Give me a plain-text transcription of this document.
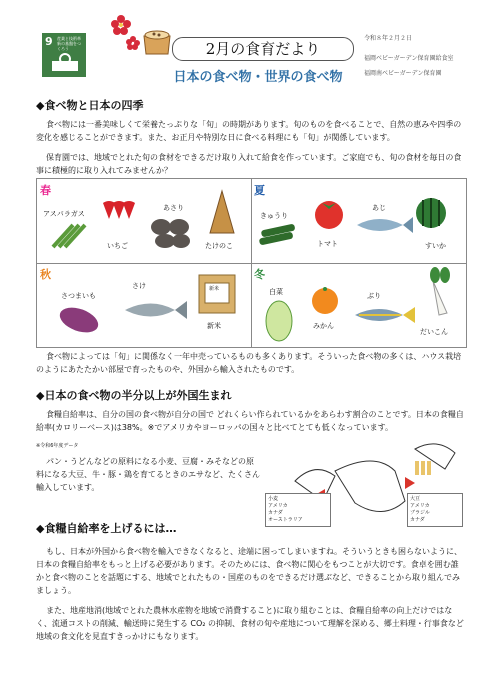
9 産業と技術革新の基盤をつくろう	2月の食育だより
日本の食べ物・世界の食べ物
令和８年２月２日
福岡ベビーガーデン保育園給食室
福岡南ベビーガーデン保育園
◆食べ物と日本の四季
食べ物には一番美味しくて栄養たっぷりな「旬」の時期があります。旬のものを食べることで、自然の恵みや四季の変化を感じることができます。また、お正月や特別な日に食べる料理にも「旬」が関係しています。
保育園では、地域でとれた旬の食材をできるだけ取り入れて給食を作っています。ご家庭でも、旬の食材を毎日の食事に積極的に取り入れてみませんか？
春
アスパラガス
いちご
あさり
たけのこ
夏
きゅうり
トマト
あじ
すいか
秋
さつまいも
さけ	新米
新米
冬
白菜
みかん
ぶり
だいこん
食べ物によっては「旬」に関係なく一年中売っているものも多くあります。そういった食べ物の多くは、ハウス栽培のようにあたたかい部屋で育ったものや、外国から輸入されたものです。
◆日本の食べ物の半分以上が外国生まれ
食糧自給率は、自分の国の食べ物が自分の国で どれくらい作られているかをあらわす割合のことです。日本の食糧自給率(カロリーベース)は38%。※でアメリカやヨーロッパの国々と比べてとても低くなっています。
※令和6年度データ
パン・うどんなどの原料になる小麦、豆腐・みそなどの原料になる大豆、牛・豚・鶏を育てるときのエサなど、たくさん輸入しています。
小麦
アメリカ
カナダ
オーストラリア
大豆
アメリカ
ブラジル
カナダ
◆食糧自給率を上げるには…
もし、日本が外国から食べ物を輸入できなくなると、途端に困ってしまいますね。そういうときも困らないように、日本の食糧自給率をもっと上げる必要があります。そのためには、食べ物に関心をもつことが大切です。食卓を囲む誰かと食べ物のことを話題にする、地域でとれたもの・国産のものをできるだけ選ぶなど、できることから取り組んでみましょう。
また、地産地消(地域でとれた農林水産物を地域で消費すること)に取り組むことは、食糧自給率の向上だけではなく、流通コストの削減、輸送時に発生する CO₂ の抑制、食材の旬や産地について理解を深める、郷土料理・行事食など地域の食文化を見直すきっかけにもなります。
